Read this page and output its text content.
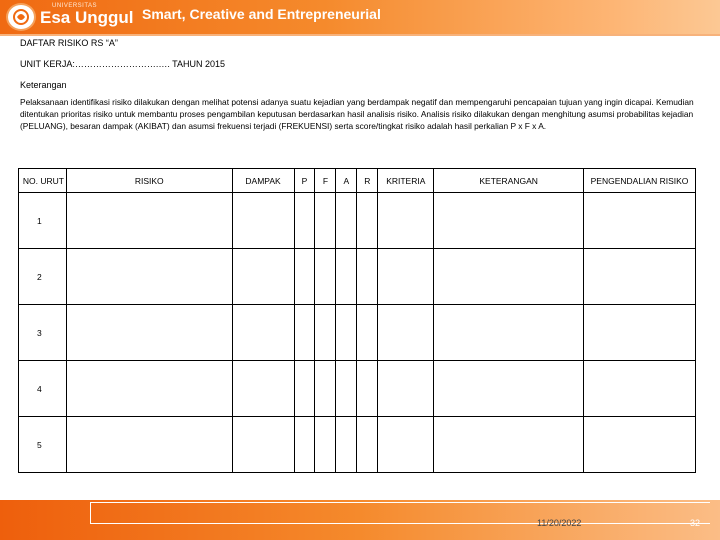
UNIVERSITAS
Esa Unggul Smart, Creative and Entrepreneurial
DAFTAR RISIKO RS “A”
UNIT KERJA:……………………….…. TAHUN 2015
Keterangan
Pelaksanaan identifikasi risiko dilakukan dengan melihat potensi adanya suatu kejadian yang berdampak negatif dan mempengaruhi pencapaian tujuan yang ingin dicapai. Kemudian ditentukan prioritas risiko untuk membantu proses pengambilan keputusan berdasarkan hasil analisis risiko. Analisis risiko dilakukan dengan menghitung asumsi probabilitas kejadian (PELUANG), besaran dampak (AKIBAT) dan asumsi frekuensi terjadi (FREKUENSI) serta score/tingkat risiko adalah hasil perkalian P x F x A.
NO. URUT	RISIKO	DAMPAK	P	F	A	R	KRITERIA	KETERANGAN	PENGENDALIAN RISIKO
1									
2									
3									
4									
5									
11/20/2022	32
